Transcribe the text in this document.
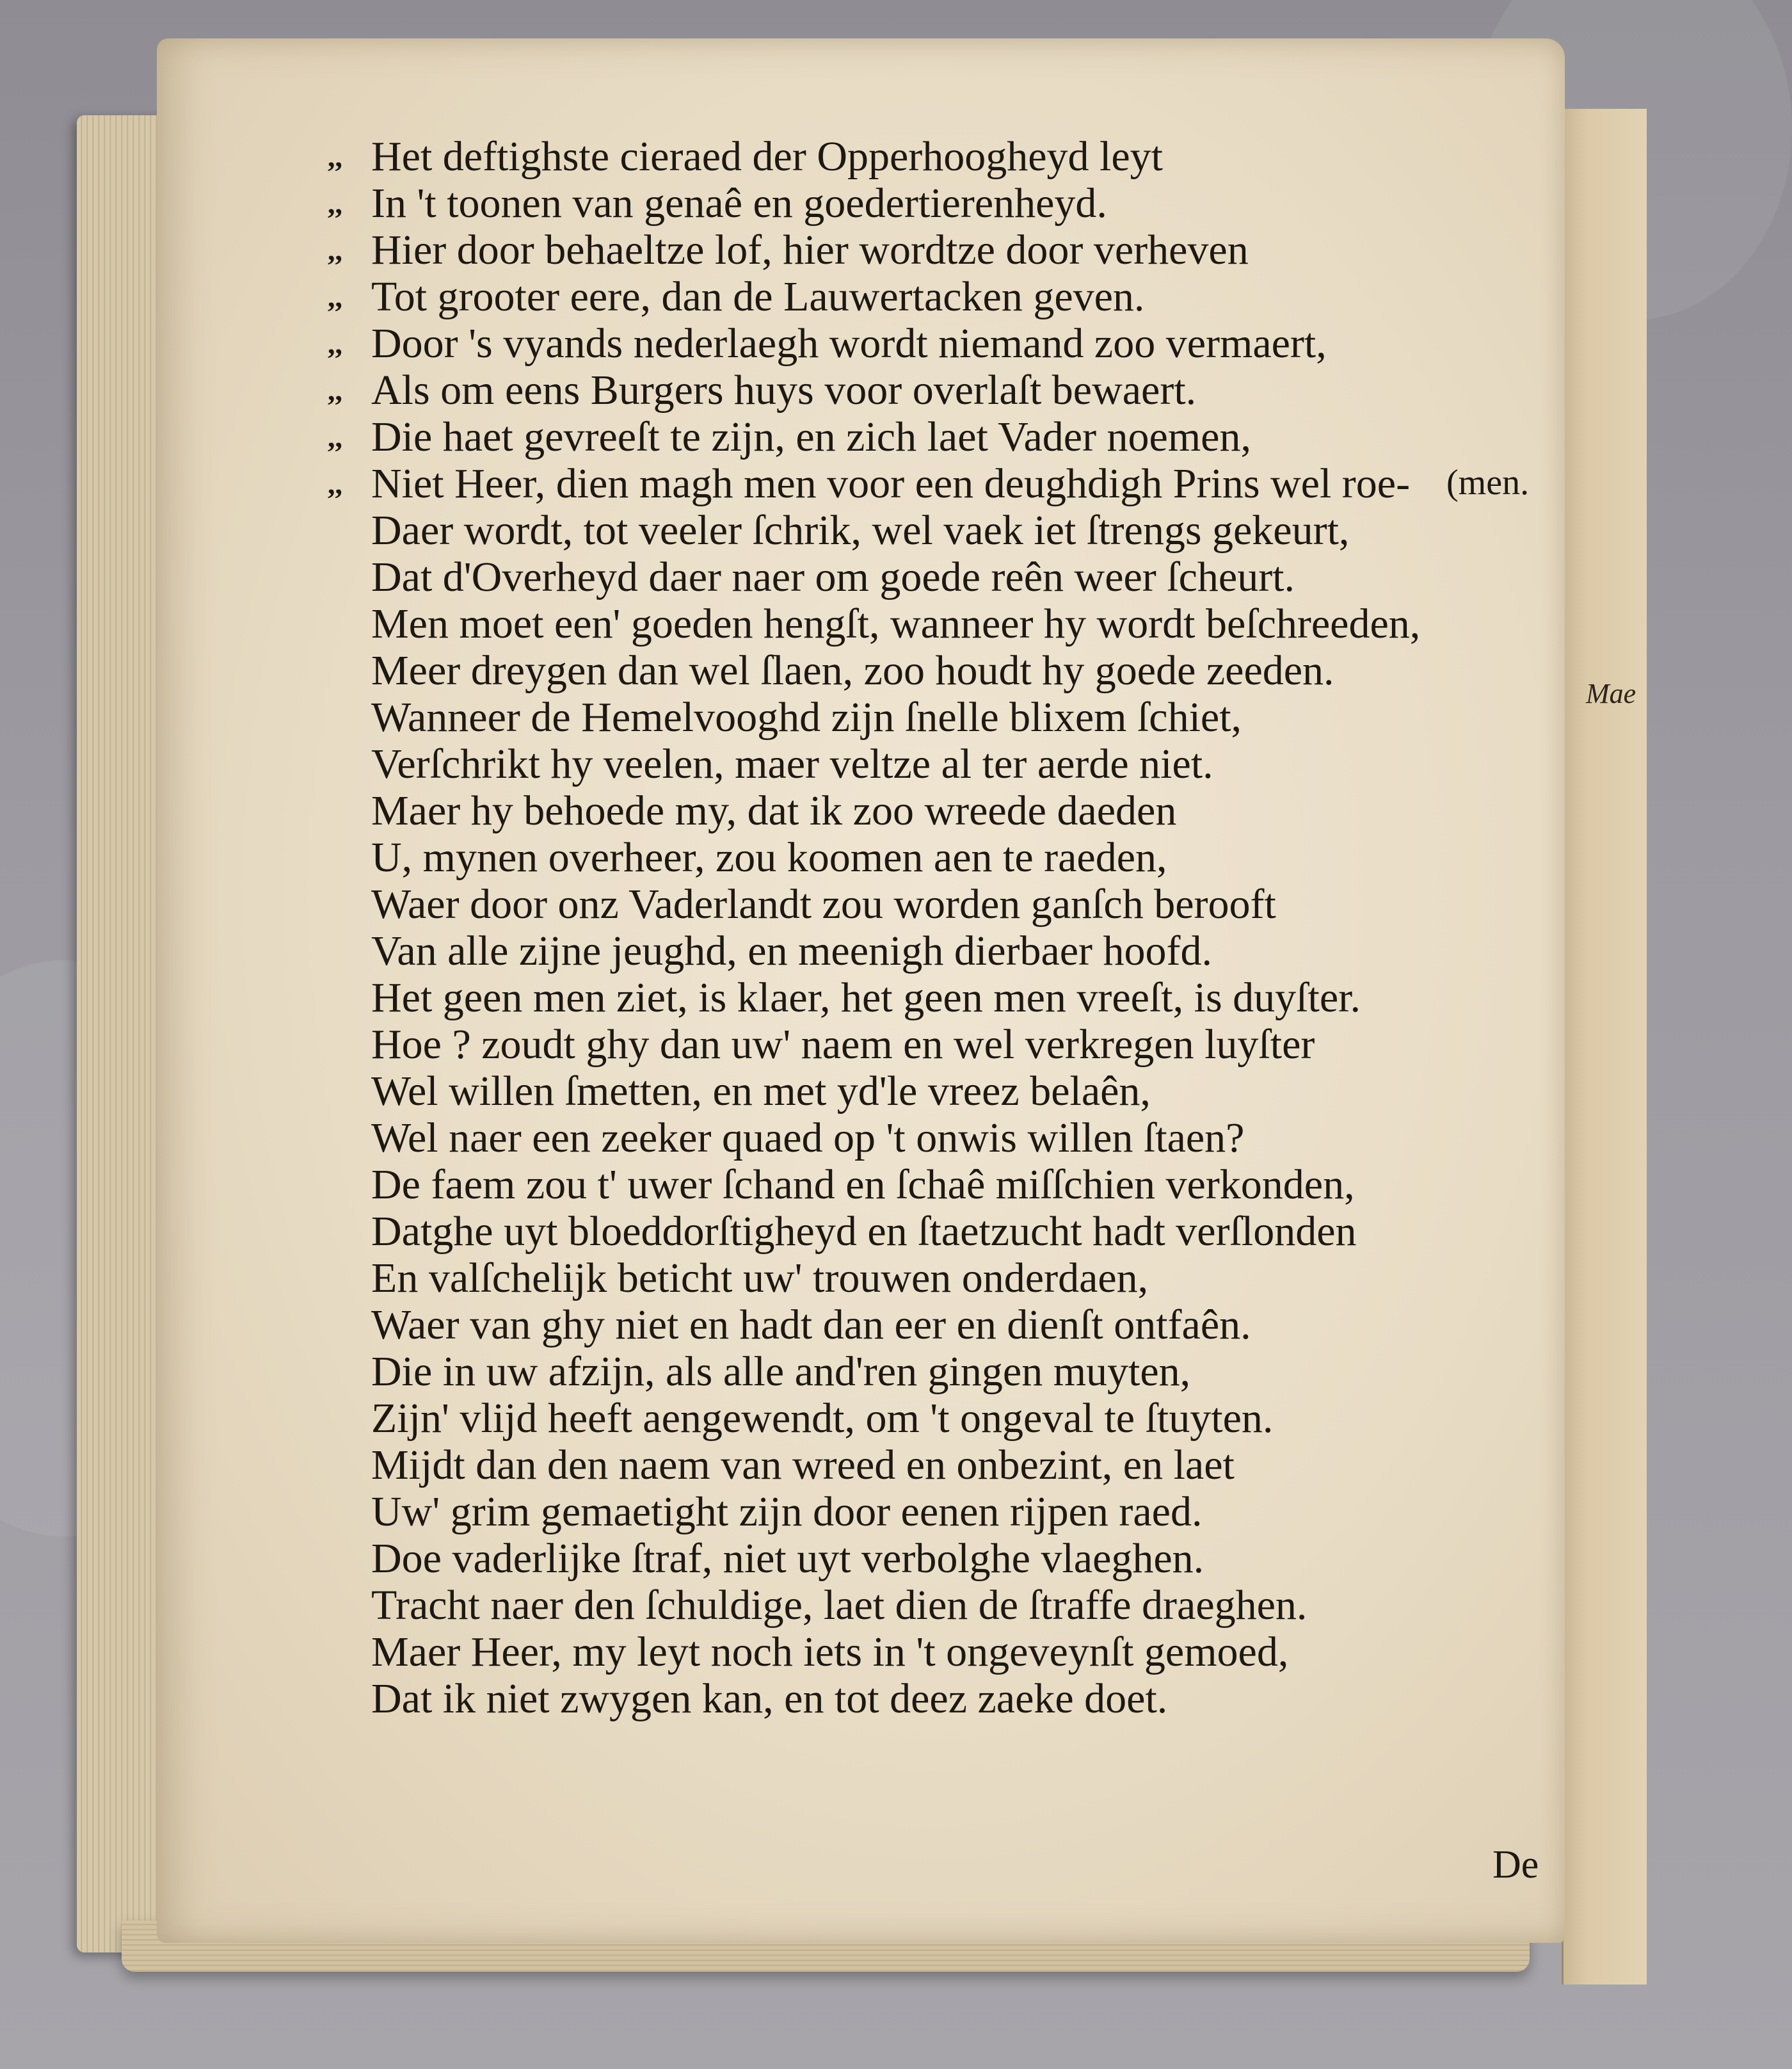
Mae
,, Het deftighste cieraed der Opperhoogheyd leyt
,, In 't toonen van genaê en goedertierenheyd.
,, Hier door behaeltze lof, hier wordtze door verheven
,, Tot grooter eere, dan de Lauwertacken geven.
,, Door 's vyands nederlaegh wordt niemand zoo vermaert,
,, Als om eens Burgers huys voor overlaſt bewaert.
,, Die haet gevreeſt te zijn, en zich laet Vader noemen,
,, Niet Heer, dien magh men voor een deughdigh Prins wel roe-
Daer wordt, tot veeler ſchrik, wel vaek iet ſtrengs gekeurt,
Dat d'Overheyd daer naer om goede reên weer ſcheurt.
Men moet een' goeden hengſt, wanneer hy wordt beſchreeden,
Meer dreygen dan wel ſlaen, zoo houdt hy goede zeeden.
Wanneer de Hemelvooghd zijn ſnelle blixem ſchiet,
Verſchrikt hy veelen, maer veltze al ter aerde niet.
Maer hy behoede my, dat ik zoo wreede daeden
U, mynen overheer, zou koomen aen te raeden,
Waer door onz Vaderlandt zou worden ganſch berooft
Van alle zijne jeughd, en meenigh dierbaer hoofd.
Het geen men ziet, is klaer, het geen men vreeſt, is duyſter.
Hoe ? zoudt ghy dan uw' naem en wel verkregen luyſter
Wel willen ſmetten, en met yd'le vreez belaên,
Wel naer een zeeker quaed op 't onwis willen ſtaen?
De faem zou t' uwer ſchand en ſchaê miſſchien verkonden,
Datghe uyt bloeddorſtigheyd en ſtaetzucht hadt verſlonden
En valſchelijk beticht uw' trouwen onderdaen,
Waer van ghy niet en hadt dan eer en dienſt ontfaên.
Die in uw afzijn, als alle and'ren gingen muyten,
Zijn' vlijd heeft aengewendt, om 't ongeval te ſtuyten.
Mijdt dan den naem van wreed en onbezint, en laet
Uw' grim gemaetight zijn door eenen rijpen raed.
Doe vaderlijke ſtraf, niet uyt verbolghe vlaeghen.
Tracht naer den ſchuldige, laet dien de ſtraffe draeghen.
Maer Heer, my leyt noch iets in 't ongeveynſt gemoed,
Dat ik niet zwygen kan, en tot deez zaeke doet.
(men.
De
